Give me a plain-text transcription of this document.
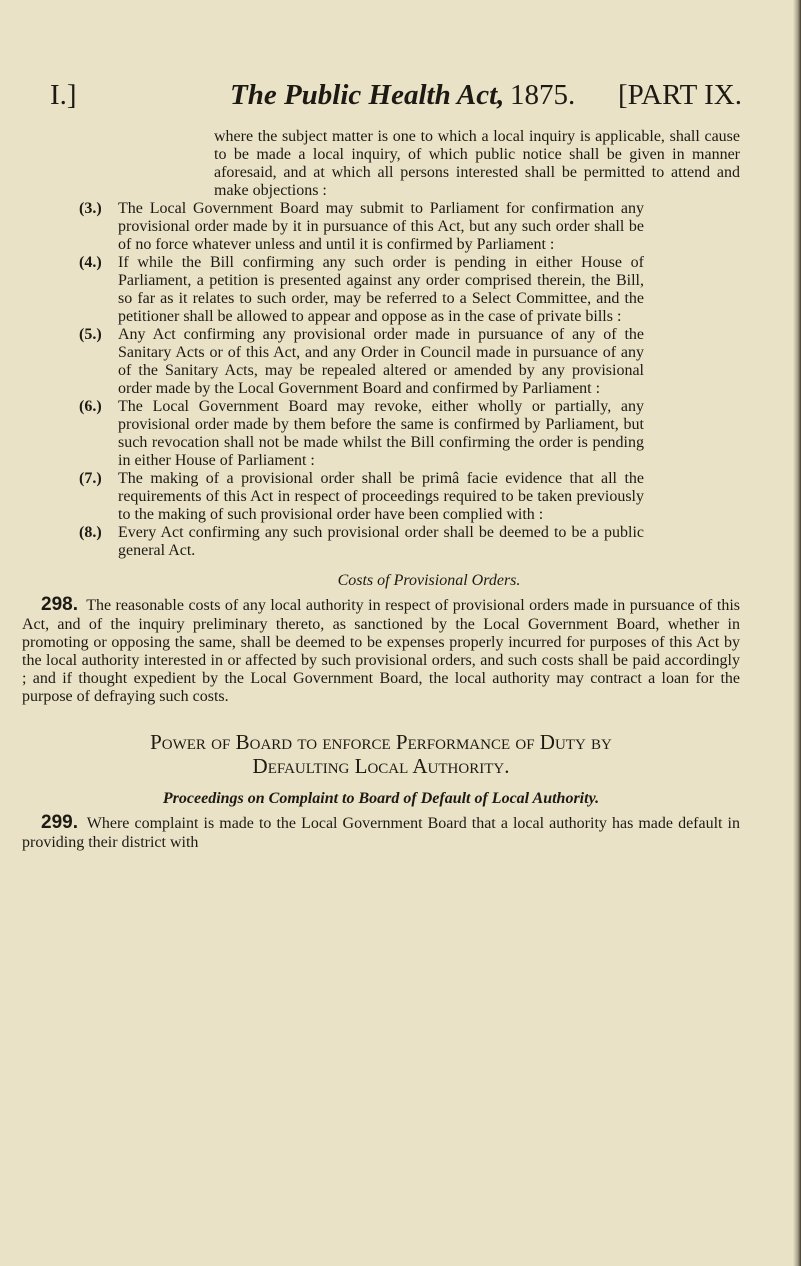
I.]	The Public Health Act, 1875. [PART IX.

where the subject matter is one to which a local inquiry is applicable, shall cause to be made a local inquiry, of which public notice shall be given in manner aforesaid, and at which all persons interested shall be permitted to attend and make objections :

(3.) The Local Government Board may submit to Parliament for confirmation any provisional order made by it in pursuance of this Act, but any such order shall be of no force whatever unless and until it is confirmed by Parliament :

(4.) If while the Bill confirming any such order is pending in either House of Parliament, a petition is presented against any order comprised therein, the Bill, so far as it relates to such order, may be referred to a Select Committee, and the petitioner shall be allowed to appear and oppose as in the case of private bills :

(5.) Any Act confirming any provisional order made in pursuance of any of the Sanitary Acts or of this Act, and any Order in Council made in pursuance of any of the Sanitary Acts, may be repealed altered or amended by any provisional order made by the Local Government Board and confirmed by Parliament :

(6.) The Local Government Board may revoke, either wholly or partially, any provisional order made by them before the same is confirmed by Parliament, but such revocation shall not be made whilst the Bill confirming the order is pending in either House of Parliament :

(7.) The making of a provisional order shall be primâ facie evidence that all the requirements of this Act in respect of proceedings required to be taken previously to the making of such provisional order have been complied with :

(8.) Every Act confirming any such provisional order shall be deemed to be a public general Act.

Costs of Provisional Orders.

298. The reasonable costs of any local authority in respect of provisional orders made in pursuance of this Act, and of the inquiry preliminary thereto, as sanctioned by the Local Government Board, whether in promoting or opposing the same, shall be deemed to be expenses properly incurred for purposes of this Act by the local authority interested in or affected by such provisional orders, and such costs shall be paid accordingly ; and if thought expedient by the Local Government Board, the local authority may contract a loan for the purpose of defraying such costs.

Power of Board to enforce Performance of Duty by
Defaulting Local Authority.

Proceedings on Complaint to Board of Default of Local Authority.

299. Where complaint is made to the Local Government Board that a local authority has made default in providing their district with
